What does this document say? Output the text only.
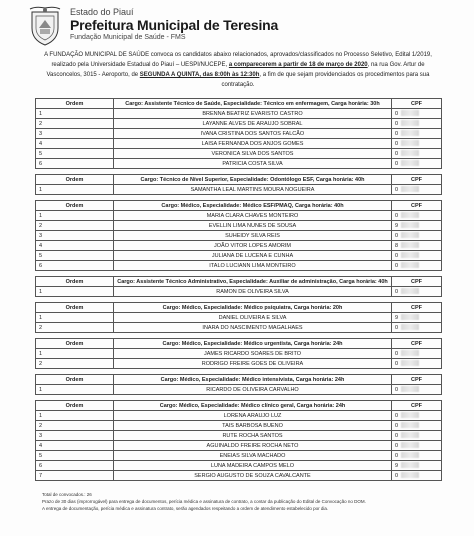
Estado do Piauí
Prefeitura Municipal de Teresina
Fundação Municipal de Saúde - FMS
A FUNDAÇÃO MUNICIPAL DE SAÚDE convoca os candidatos abaixo relacionados, aprovados/classificados no Processo Seletivo, Edital 1/2019, realizado pela Universidade Estadual do Piauí – UESPI/NUCEPE, a comparecerem a partir de 18 de março de 2020, na rua Gov. Artur de Vasconcelos, 3015 - Aeroporto, de SEGUNDA A QUINTA, das 8:00h às 12:30h, a fim de que sejam providenciados os procedimentos para sua contratação.
Ordem	Cargo: Assistente Técnico de Saúde, Especialidade: Técnico em enfermagem, Carga horária: 30h	CPF
1	BRENNA BEATRIZ EVARISTO CASTRO	0
2	LAYANNE ALVES DE ARAUJO SOBRAL	0
3	IVANA CRISTINA DOS SANTOS FALCÃO	0
4	LAISA FERNANDA DOS ANJOS GOMES	0
5	VERONICA SILVA DOS SANTOS	0
6	PATRICIA COSTA SILVA	0
Ordem	Cargo: Técnico de Nível Superior, Especialidade: Odontólogo ESF, Carga horária: 40h	CPF
1	SAMANTHA LEAL MARTINS MOURA NOGUEIRA	0
Ordem	Cargo: Médico, Especialidade: Médico ESF/PMAQ, Carga horária: 40h	CPF
1	MARIA CLARA CHAVES MONTEIRO	0
2	EVELLIN LIMA NUNES DE SOUSA	9
3	SUHEIDY SILVA REIS	0
4	JOÃO VITOR LOPES AMORIM	8
5	JULIANA DE LUCENA E CUNHA	0
6	ITALO LUCIANN LIMA MONTEIRO	0
Ordem	Cargo: Assistente Técnico Administrativo, Especialidade: Auxiliar de administração, Carga horária: 40h	CPF
1	RAMON DE OLIVEIRA SILVA	0
Ordem	Cargo: Médico, Especialidade: Médico psiquiatra, Carga horária: 20h	CPF
1	DANIEL OLIVEIRA E SILVA	9
2	INARA DO NASCIMENTO MAGALHAES	0
Ordem	Cargo: Médico, Especialidade: Médico urgentista, Carga horária: 24h	CPF
1	JAMES RICARDO SOARES DE BRITO	0
2	RODRIGO FREIRE GOES DE OLIVEIRA	0
Ordem	Cargo: Médico, Especialidade: Médico intensivista, Carga horária: 24h	CPF
1	RICARDO DE OLIVEIRA CARVALHO	0
Ordem	Cargo: Médico, Especialidade: Médico clínico geral, Carga horária: 24h	CPF
1	LORENA ARAUJO LUZ	0
2	TAIS BARBOSA BUENO	0
3	RUTE ROCHA SANTOS	0
4	AGUINALDO FREIRE ROCHA NETO	0
5	ENEIAS SILVA MACHADO	0
6	LUNA MADEIRA CAMPOS MELO	9
7	SERGIO AUGUSTO DE SOUZA CAVALCANTE	0
Total de convocados.: 26
Prazo de 30 dias (improrrogável) para entrega de documentos, perícia médica e assinatura de contrato, a contar da publicação do Edital de Convocação no DOM.
A entrega de documentação, perícia médica e assinatura contrato, serão agendados respeitando a ordem de atendimento estabelecido por dia.
